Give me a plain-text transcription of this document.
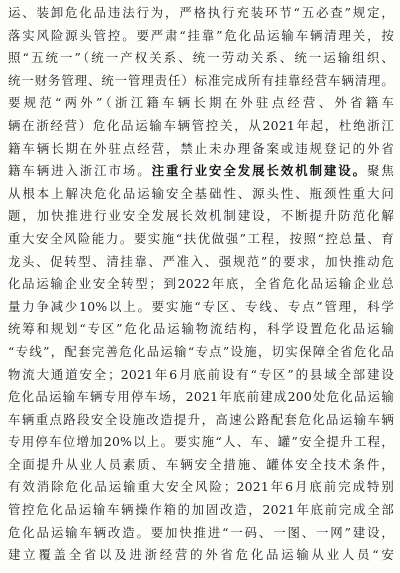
运、装卸危化品违法行为，严格执行充装环节“五必查”规定，
落实风险源头管控。要严肃“挂靠”危化品运输车辆清理关，按
照“五统一”（统一产权关系、统一劳动关系、统一运输组织、
统一财务管理、统一管理责任）标准完成所有挂靠经营车辆清理。
要规范“两外”（浙江籍车辆长期在外驻点经营、外省籍车
辆在浙经营）危化品运输车辆管控关，从2021年起，杜绝浙江
籍车辆长期在外驻点经营，禁止未办理备案或违规登记的外省
籍车辆进入浙江市场。注重行业安全发展长效机制建设。聚焦
从根本上解决危化品运输安全基础性、源头性、瓶颈性重大问
题，加快推进行业安全发展长效机制建设，不断提升防范化解
重大安全风险能力。要实施“扶优做强”工程，按照“控总量、育
龙头、促转型、清挂靠、严准入、强规范”的要求，加快推动危
化品运输企业安全转型；到2022年底，全省危化品运输企业总
量力争减少10%以上。要实施“专区、专线、专点”管理，科学
统筹和规划“专区”危化品运输物流结构，科学设置危化品运输
“专线”，配套完善危化品运输“专点”设施，切实保障全省危化品
物流大通道安全；2021年6月底前设有“专区”的县域全部建设
危化品运输车辆专用停车场，2021年底前建成200处危化品运输
车辆重点路段安全设施改造提升，高速公路配套危化品运输车辆
专用停车位增加20%以上。要实施“人、车、罐”安全提升工程，
全面提升从业人员素质、车辆安全措施、罐体安全技术条件，
有效消除危化品运输重大安全风险；2021年6月底前完成特别
管控危化品运输车辆操作箱的加固改造，2021年底前完成全部
危化品运输车辆改造。要加快推进“一码、一图、一网”建设，
建立覆盖全省以及进浙经营的外省危化品运输从业人员“安
